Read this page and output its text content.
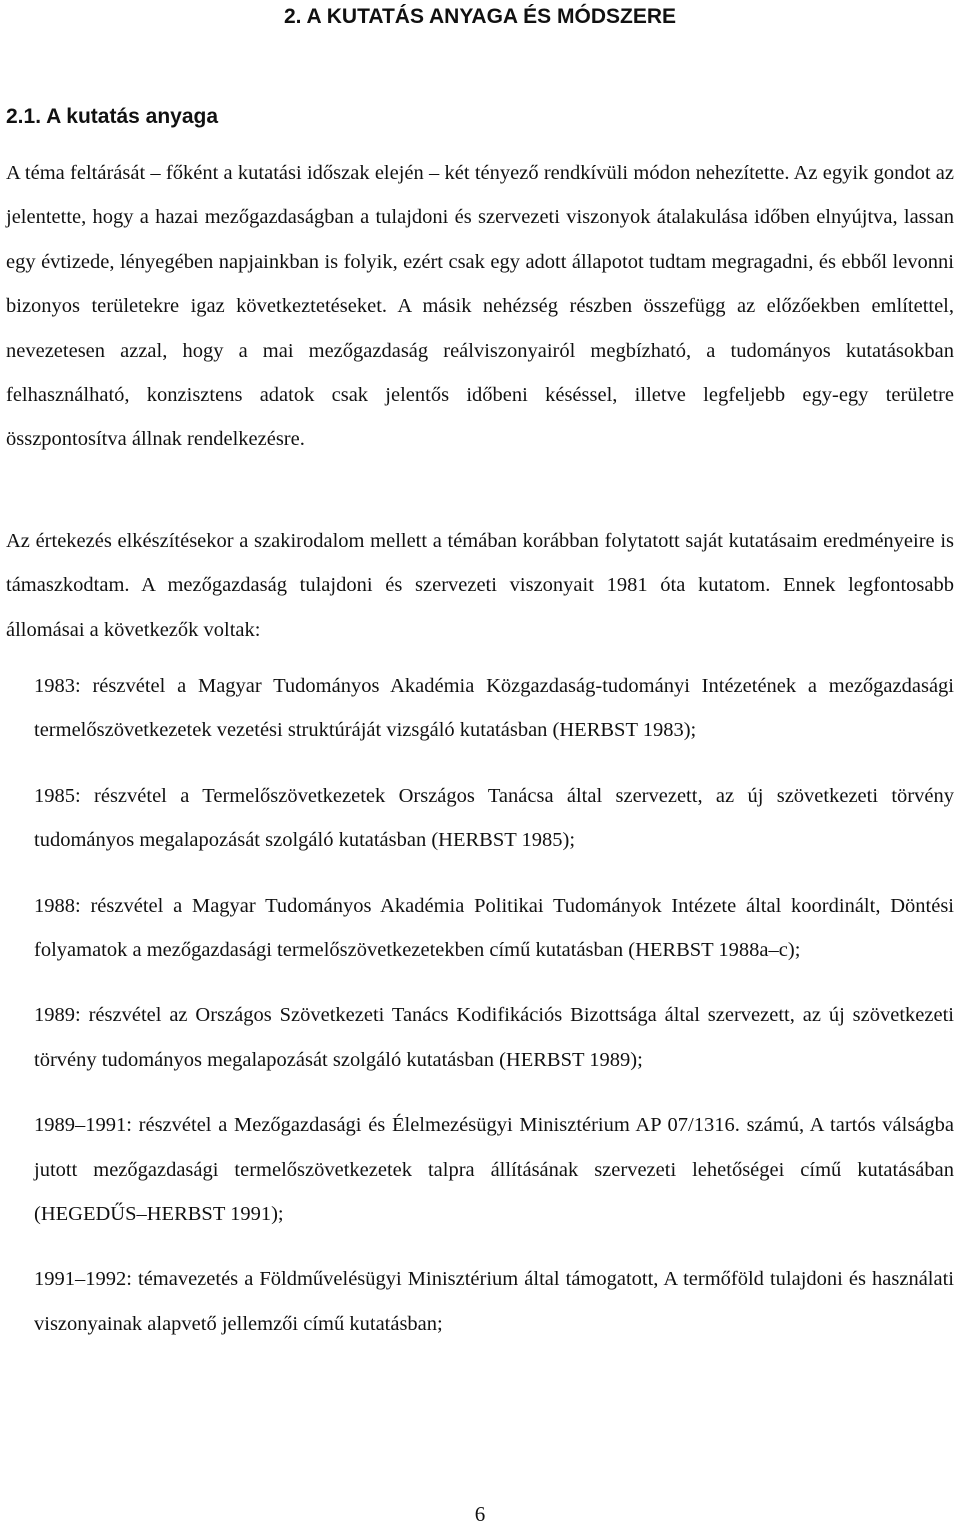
2. A KUTATÁS ANYAGA ÉS MÓDSZERE
2.1. A kutatás anyaga

A téma feltárását – főként a kutatási időszak elején – két tényező rendkívüli módon nehezítette. Az egyik gondot az jelentette, hogy a hazai mezőgazdaságban a tulajdoni és szervezeti viszonyok átalakulása időben elnyújtva, lassan egy évtizede, lényegében napjainkban is folyik, ezért csak egy adott állapotot tudtam megragadni, és ebből levonni bizonyos területekre igaz következtetéseket. A másik nehézség részben összefügg az előzőekben említettel, nevezetesen azzal, hogy a mai mezőgazdaság reálviszonyairól megbízható, a tudományos kutatásokban felhasználható, konzisztens adatok csak jelentős időbeni késéssel, illetve legfeljebb egy-egy területre összpontosítva állnak rendelkezésre.

Az értekezés elkészítésekor a szakirodalom mellett a témában korábban folytatott saját kutatásaim eredményeire is támaszkodtam. A mezőgazdaság tulajdoni és szervezeti viszonyait 1981 óta kutatom. Ennek legfontosabb állomásai a következők voltak:

1983: részvétel a Magyar Tudományos Akadémia Közgazdaság-tudományi Intézetének a mezőgazdasági termelőszövetkezetek vezetési struktúráját vizsgáló kutatásban (HERBST 1983);
1985: részvétel a Termelőszövetkezetek Országos Tanácsa által szervezett, az új szövetkezeti törvény tudományos megalapozását szolgáló kutatásban (HERBST 1985);
1988: részvétel a Magyar Tudományos Akadémia Politikai Tudományok Intézete által koordinált, Döntési folyamatok a mezőgazdasági termelőszövetkezetekben című kutatásban (HERBST 1988a–c);
1989: részvétel az Országos Szövetkezeti Tanács Kodifikációs Bizottsága által szervezett, az új szövetkezeti törvény tudományos megalapozását szolgáló kutatásban (HERBST 1989);
1989–1991: részvétel a Mezőgazdasági és Élelmezésügyi Minisztérium AP 07/1316. számú, A tartós válságba jutott mezőgazdasági termelőszövetkezetek talpra állításának szervezeti lehetőségei című kutatásában (HEGEDŰS–HERBST 1991);
1991–1992: témavezetés a Földművelésügyi Minisztérium által támogatott, A termőföld tulajdoni és használati viszonyainak alapvető jellemzői című kutatásban;
6
